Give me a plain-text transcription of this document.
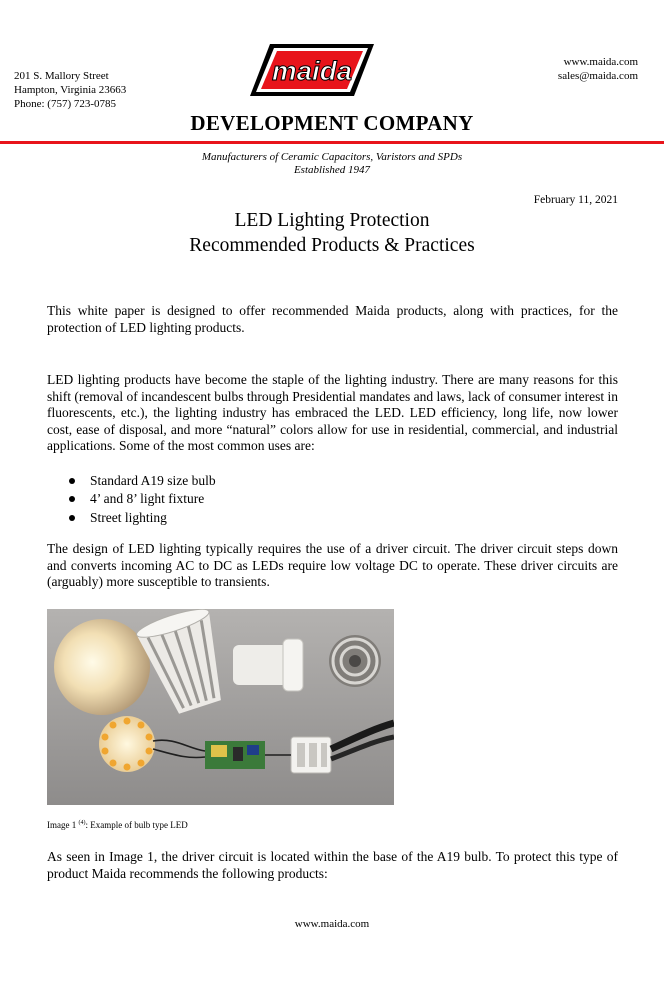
201 S. Mallory Street
Hampton, Virginia 23663
Phone: (757) 723-0785
www.maida.com
sales@maida.com
maida
DEVELOPMENT COMPANY
Manufacturers of Ceramic Capacitors, Varistors and SPDs
Established 1947
February 11, 2021
LED Lighting Protection
Recommended Products & Practices
This white paper is designed to offer recommended Maida products, along with practices, for the protection of LED lighting products.
LED lighting products have become the staple of the lighting industry. There are many reasons for this shift (removal of incandescent bulbs through Presidential mandates and laws, lack of consumer interest in fluorescents, etc.), the lighting industry has embraced the LED. LED efficiency, long life, now lower cost, ease of disposal, and more “natural” colors allow for use in residential, commercial, and industrial applications. Some of the most common uses are:
Standard A19 size bulb
4’ and 8’ light fixture
Street lighting
The design of LED lighting typically requires the use of a driver circuit. The driver circuit steps down and converts incoming AC to DC as LEDs require low voltage DC to operate. These driver circuits are (arguably) more susceptible to transients.
Image 1 $^{(4)}$: Example of bulb type LED
As seen in Image 1, the driver circuit is located within the base of the A19 bulb. To protect this type of product Maida recommends the following products:
www.maida.com
